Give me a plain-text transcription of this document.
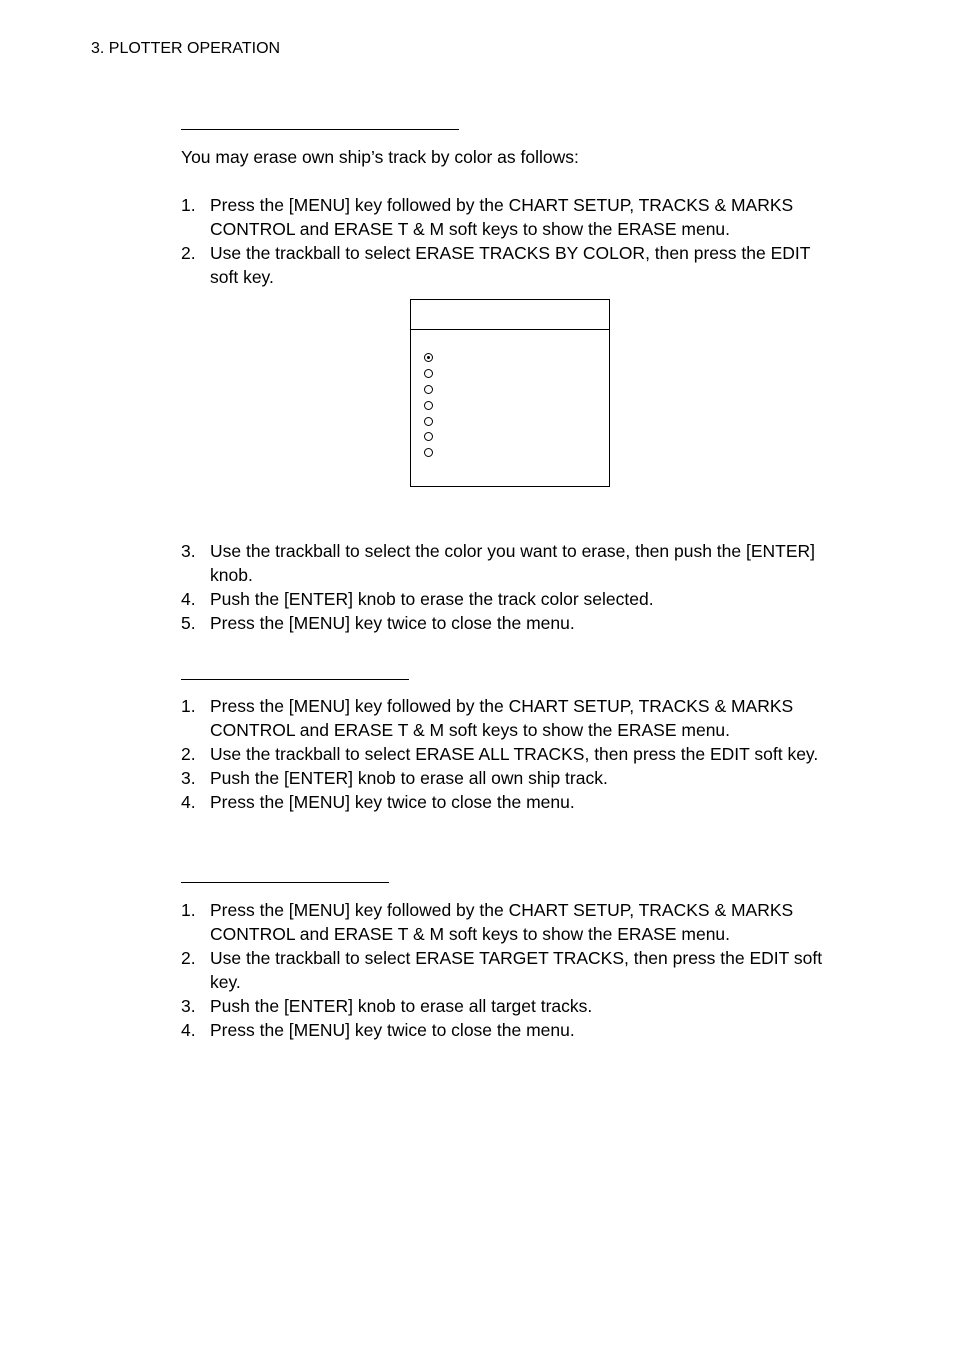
3. PLOTTER OPERATION

You may erase own ship’s track by color as follows:

1. Press the [MENU] key followed by the CHART SETUP, TRACKS & MARKS CONTROL and ERASE T & M soft keys to show the ERASE menu.
2. Use the trackball to select ERASE TRACKS BY COLOR, then press the EDIT soft key.
3. Use the trackball to select the color you want to erase, then push the [ENTER] knob.
4. Push the [ENTER] knob to erase the track color selected.
5. Press the [MENU] key twice to close the menu.
1. Press the [MENU] key followed by the CHART SETUP, TRACKS & MARKS CONTROL and ERASE T & M soft keys to show the ERASE menu.
2. Use the trackball to select ERASE ALL TRACKS, then press the EDIT soft key.
3. Push the [ENTER] knob to erase all own ship track.
4. Press the [MENU] key twice to close the menu.
1. Press the [MENU] key followed by the CHART SETUP, TRACKS & MARKS CONTROL and ERASE T & M soft keys to show the ERASE menu.
2. Use the trackball to select ERASE TARGET TRACKS, then press the EDIT soft key.
3. Push the [ENTER] knob to erase all target tracks.
4. Press the [MENU] key twice to close the menu.
